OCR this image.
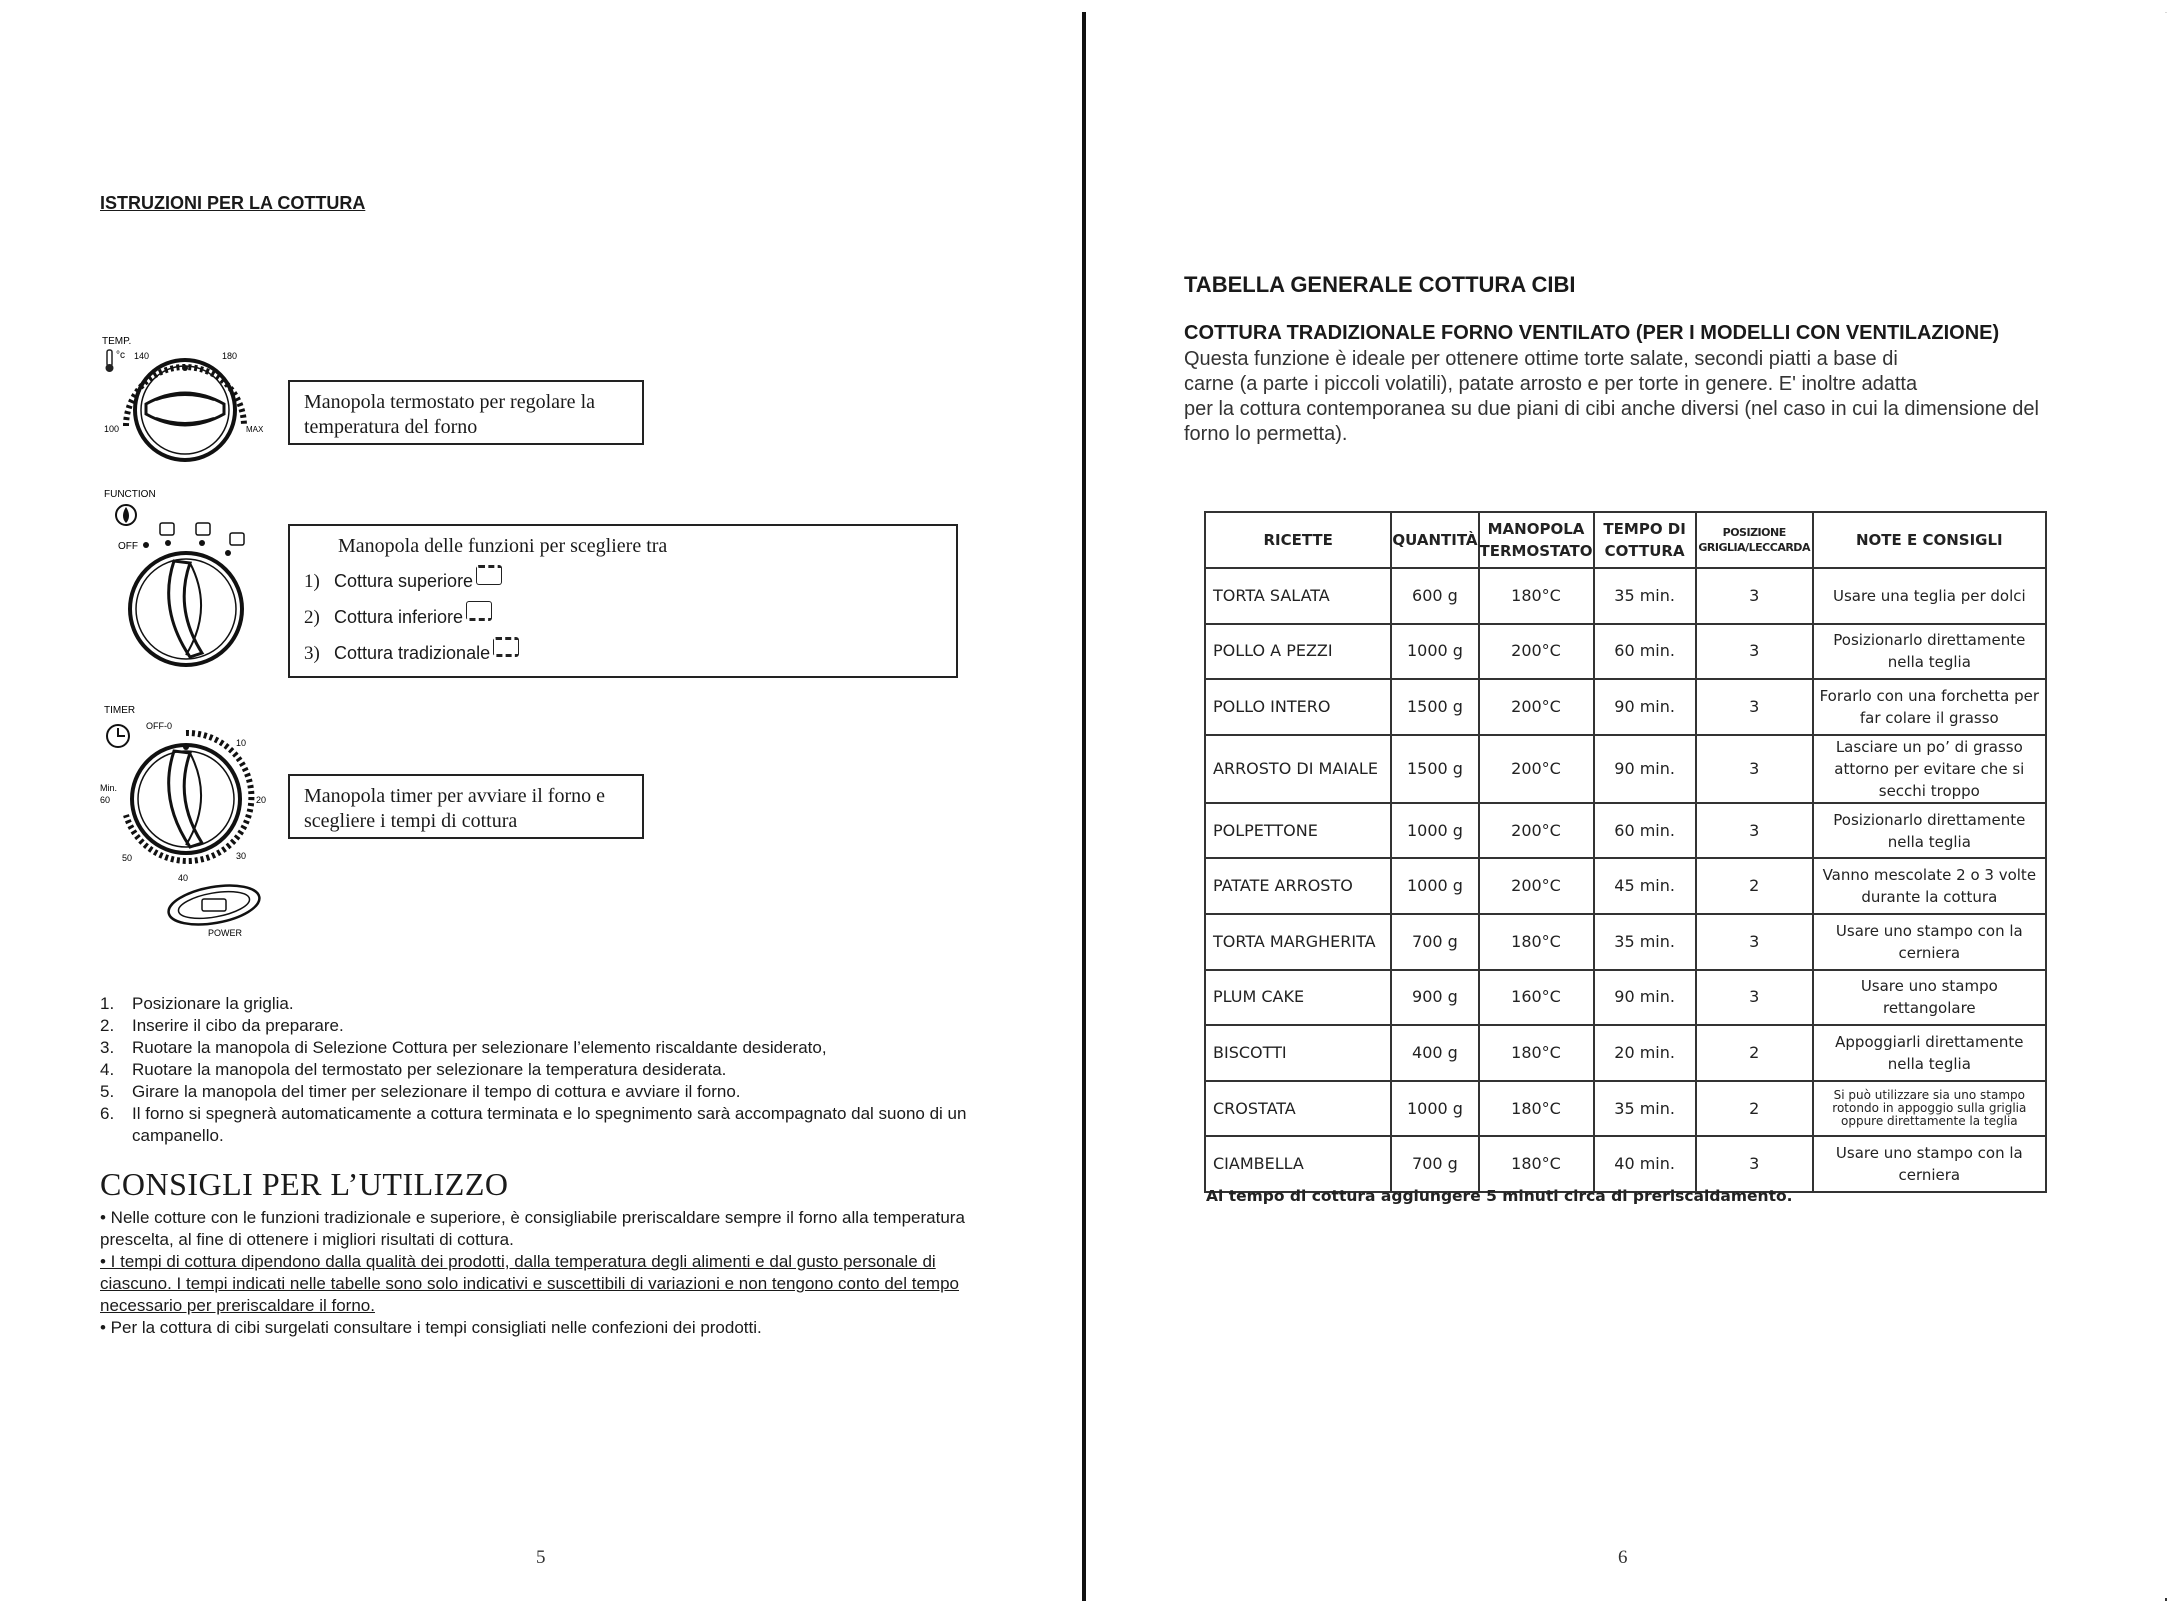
ISTRUZIONI PER LA COTTURA
TEMP.
°c 140	180
100	MAX
Manopola termostato per regolare la temperatura del forno
FUNCTION
OFF	Manopola delle funzioni per scegliere tra
1) Cottura superiore
2) Cottura inferiore
3) Cottura tradizionale
TIMER
OFF-0
10
Min.
60	20
50	30
40
POWER
Manopola timer per avviare il forno e scegliere i tempi di cottura
1.	Posizionare la griglia.
2.	Inserire il cibo da preparare.
3.	Ruotare la manopola di Selezione Cottura per selezionare l’elemento riscaldante desiderato,
4.	Ruotare la manopola del termostato per selezionare la temperatura desiderata.
5.	Girare la manopola del timer per selezionare il tempo di cottura e avviare il forno.
6.	Il forno si spegnerà automaticamente a cottura terminata e lo spegnimento sarà accompagnato dal suono di un campanello.
CONSIGLI PER L’UTILIZZO

• Nelle cotture con le funzioni tradizionale e superiore, è consigliabile preriscaldare sempre il forno alla temperatura prescelta, al fine di ottenere i migliori risultati di cottura.

• I tempi di cottura dipendono dalla qualità dei prodotti, dalla temperatura degli alimenti e dal gusto personale di ciascuno. I tempi indicati nelle tabelle sono solo indicativi e suscettibili di variazioni e non tengono conto del tempo necessario per preriscaldare il forno.

• Per la cottura di cibi surgelati consultare i tempi consigliati nelle confezioni dei prodotti.

5
TABELLA GENERALE COTTURA CIBI
COTTURA TRADIZIONALE FORNO VENTILATO (PER I MODELLI CON VENTILAZIONE)
Questa funzione è ideale per ottenere ottime torte salate, secondi piatti a base di
carne (a parte i piccoli volatili), patate arrosto e per torte in genere. E' inoltre adatta
per la cottura contemporanea su due piani di cibi anche diversi (nel caso in cui la dimensione del
forno lo permetta).
RICETTE	QUANTITÀ	MANOPOLA TERMOSTATO	TEMPO DI COTTURA	POSIZIONE GRIGLIA/LECCARDA	NOTE E CONSIGLI
TORTA SALATA	600 g	180°C	35 min.	3	Usare una teglia per dolci
POLLO A PEZZI	1000 g	200°C	60 min.	3	Posizionarlo direttamente nella teglia
POLLO INTERO	1500 g	200°C	90 min.	3	Forarlo con una forchetta per far colare il grasso
ARROSTO DI MAIALE	1500 g	200°C	90 min.	3	Lasciare un po’ di grasso attorno per evitare che si secchi troppo
POLPETTONE	1000 g	200°C	60 min.	3	Posizionarlo direttamente nella teglia
PATATE ARROSTO	1000 g	200°C	45 min.	2	Vanno mescolate 2 o 3 volte durante la cottura
TORTA MARGHERITA	700 g	180°C	35 min.	3	Usare uno stampo con la cerniera
PLUM CAKE	900 g	160°C	90 min.	3	Usare uno stampo rettangolare
BISCOTTI	400 g	180°C	20 min.	2	Appoggiarli direttamente nella teglia
CROSTATA	1000 g	180°C	35 min.	2	Si può utilizzare sia uno stampo rotondo in appoggio sulla griglia oppure direttamente la teglia
CIAMBELLA	700 g	180°C	40 min.	3	Usare uno stampo con la cerniera
Al tempo di cottura aggiungere 5 minuti circa di preriscaldamento.
6
